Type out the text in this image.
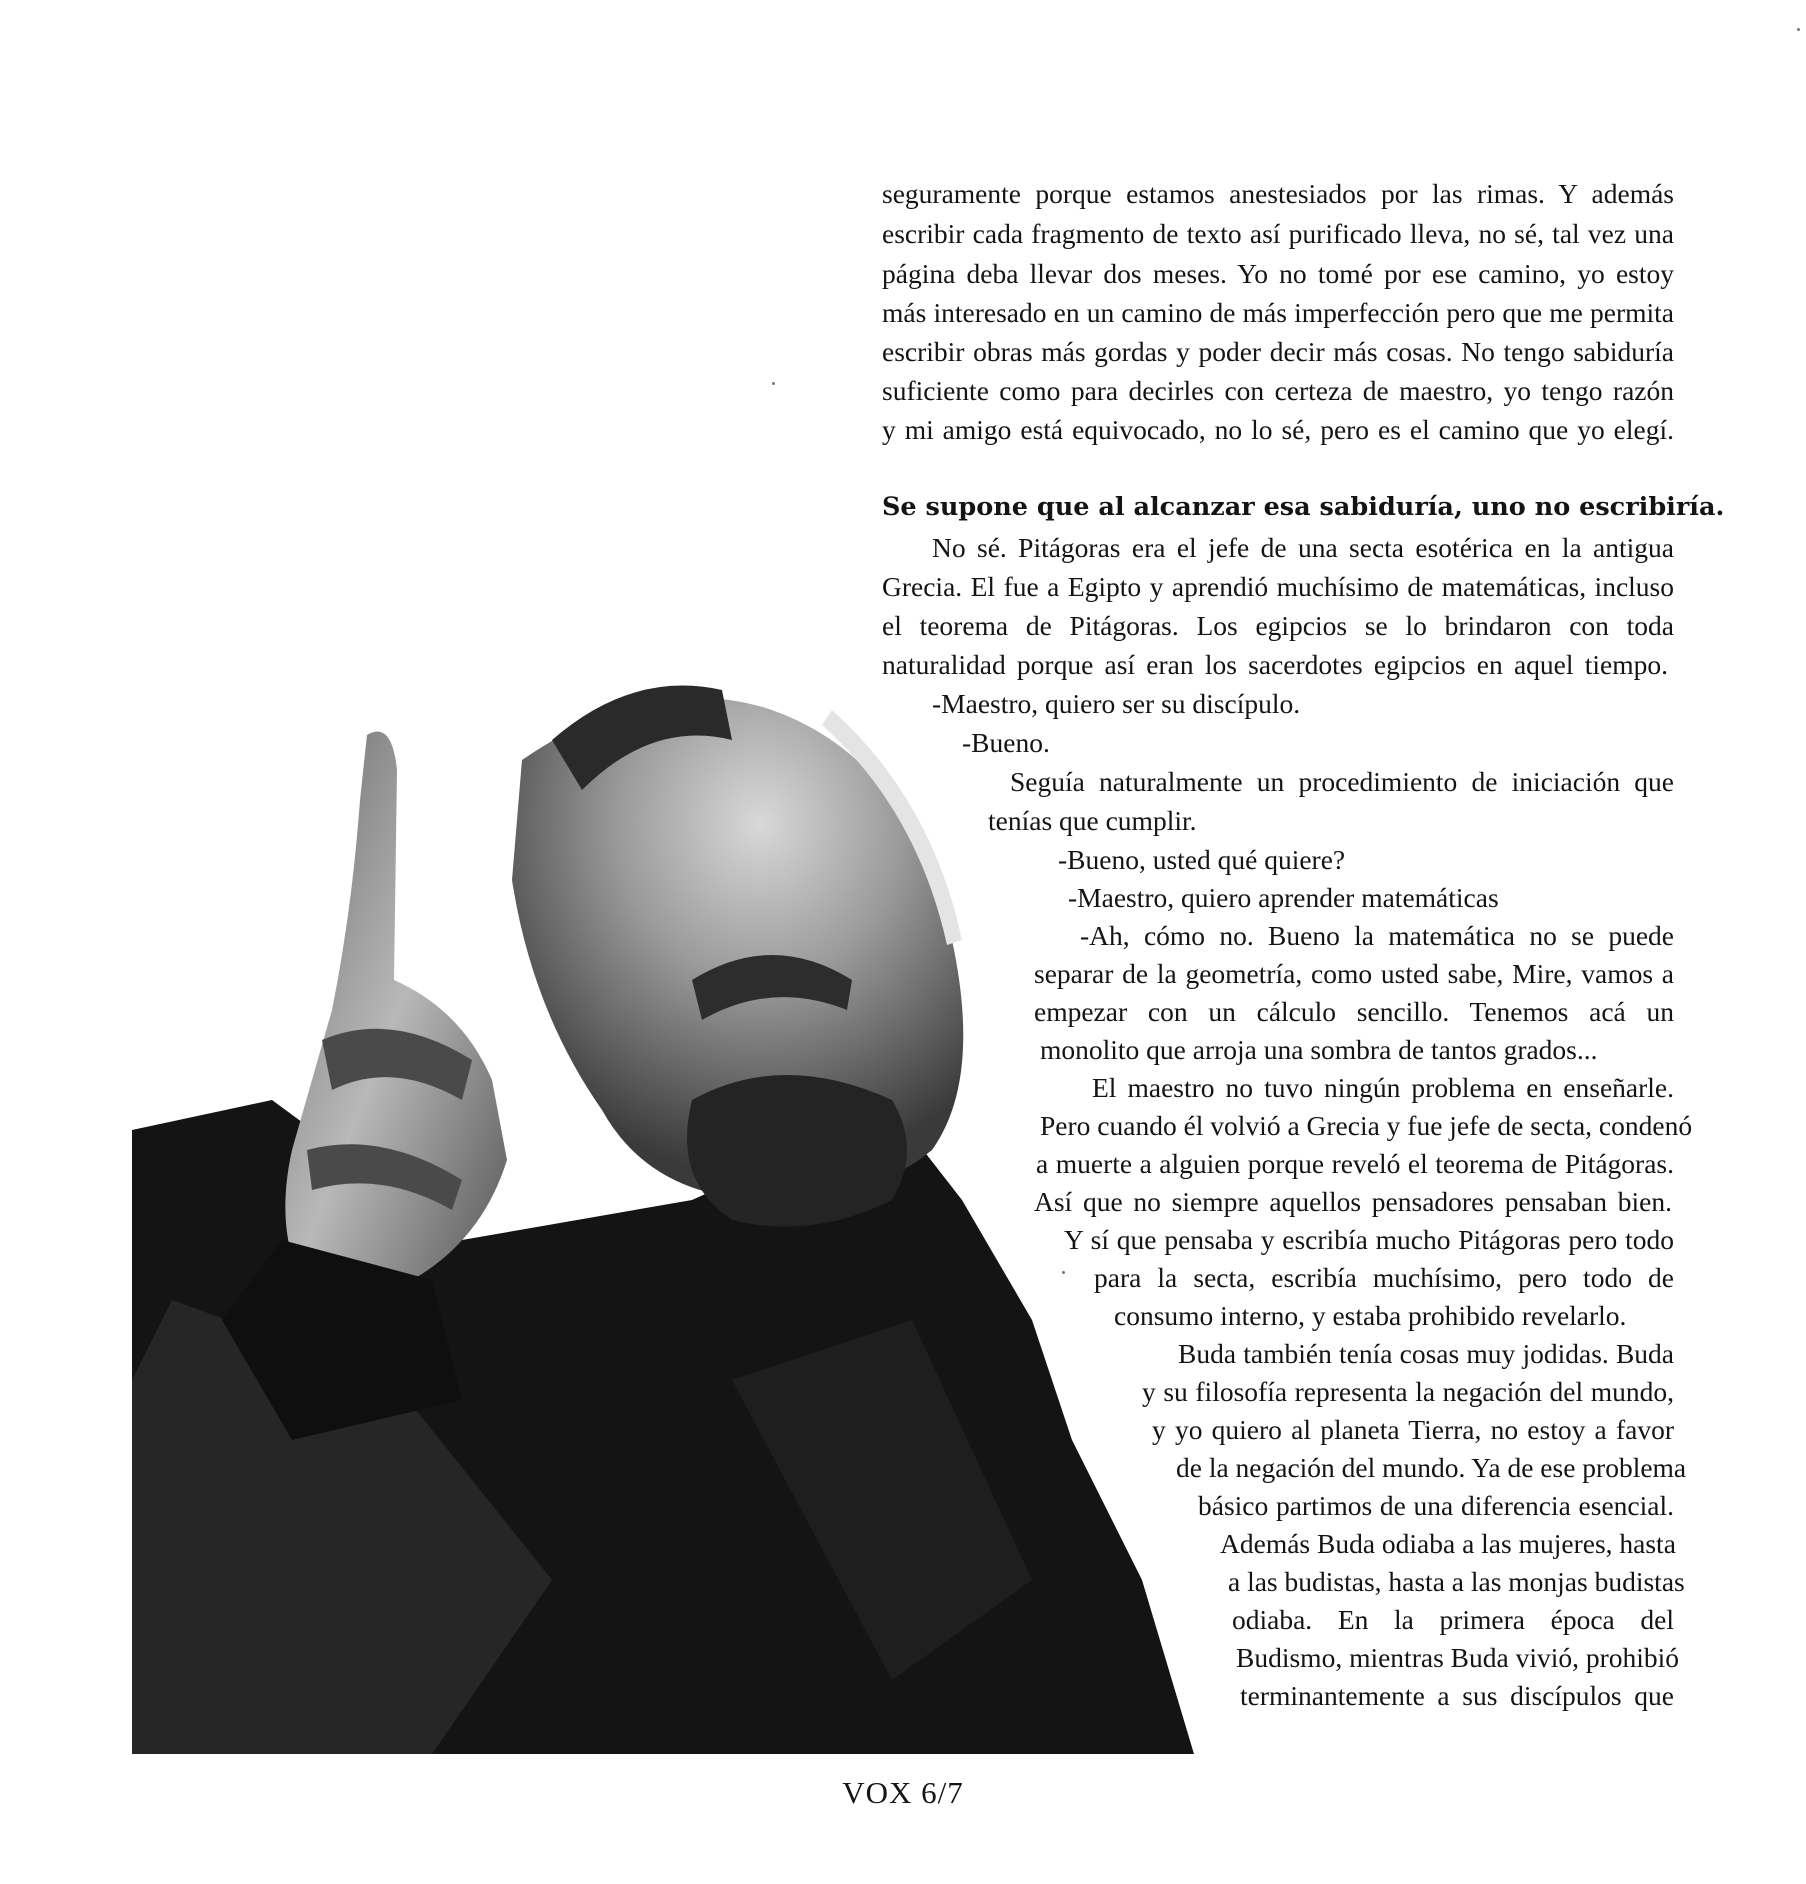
seguramente porque estamos anestesiados por las rimas. Y además
escribir cada fragmento de texto así purificado lleva, no sé, tal vez una
página deba llevar dos meses. Yo no tomé por ese camino, yo estoy
más interesado en un camino de más imperfección pero que me permita
escribir obras más gordas y poder decir más cosas. No tengo sabiduría
suficiente como para decirles con certeza de maestro, yo tengo razón
y mi amigo está equivocado, no lo sé, pero es el camino que yo elegí.
Se supone que al alcanzar esa sabiduría, uno no escribiría.
No sé. Pitágoras era el jefe de una secta esotérica en la antigua
Grecia. El fue a Egipto y aprendió muchísimo de matemáticas, incluso
el teorema de Pitágoras. Los egipcios se lo brindaron con toda
naturalidad porque así eran los sacerdotes egipcios en aquel tiempo.
-Maestro, quiero ser su discípulo.
-Bueno.
Seguía naturalmente un procedimiento de iniciación que
tenías que cumplir.
-Bueno, usted qué quiere?
-Maestro, quiero aprender matemáticas
-Ah, cómo no. Bueno la matemática no se puede
separar de la geometría, como usted sabe, Mire, vamos a
empezar con un cálculo sencillo. Tenemos acá un
monolito que arroja una sombra de tantos grados...
El maestro no tuvo ningún problema en enseñarle.
Pero cuando él volvió a Grecia y fue jefe de secta, condenó
a muerte a alguien porque reveló el teorema de Pitágoras.
Así que no siempre aquellos pensadores pensaban bien.
Y sí que pensaba y escribía mucho Pitágoras pero todo
para la secta, escribía muchísimo, pero todo de
consumo interno, y estaba prohibido revelarlo.
Buda también tenía cosas muy jodidas. Buda
y su filosofía representa la negación del mundo,
y yo quiero al planeta Tierra, no estoy a favor
de la negación del mundo. Ya de ese problema
básico partimos de una diferencia esencial.
Además Buda odiaba a las mujeres, hasta
a las budistas, hasta a las monjas budistas
odiaba. En la primera época del
Budismo, mientras Buda vivió, prohibió
terminantemente a sus discípulos que
VOX 6/7
